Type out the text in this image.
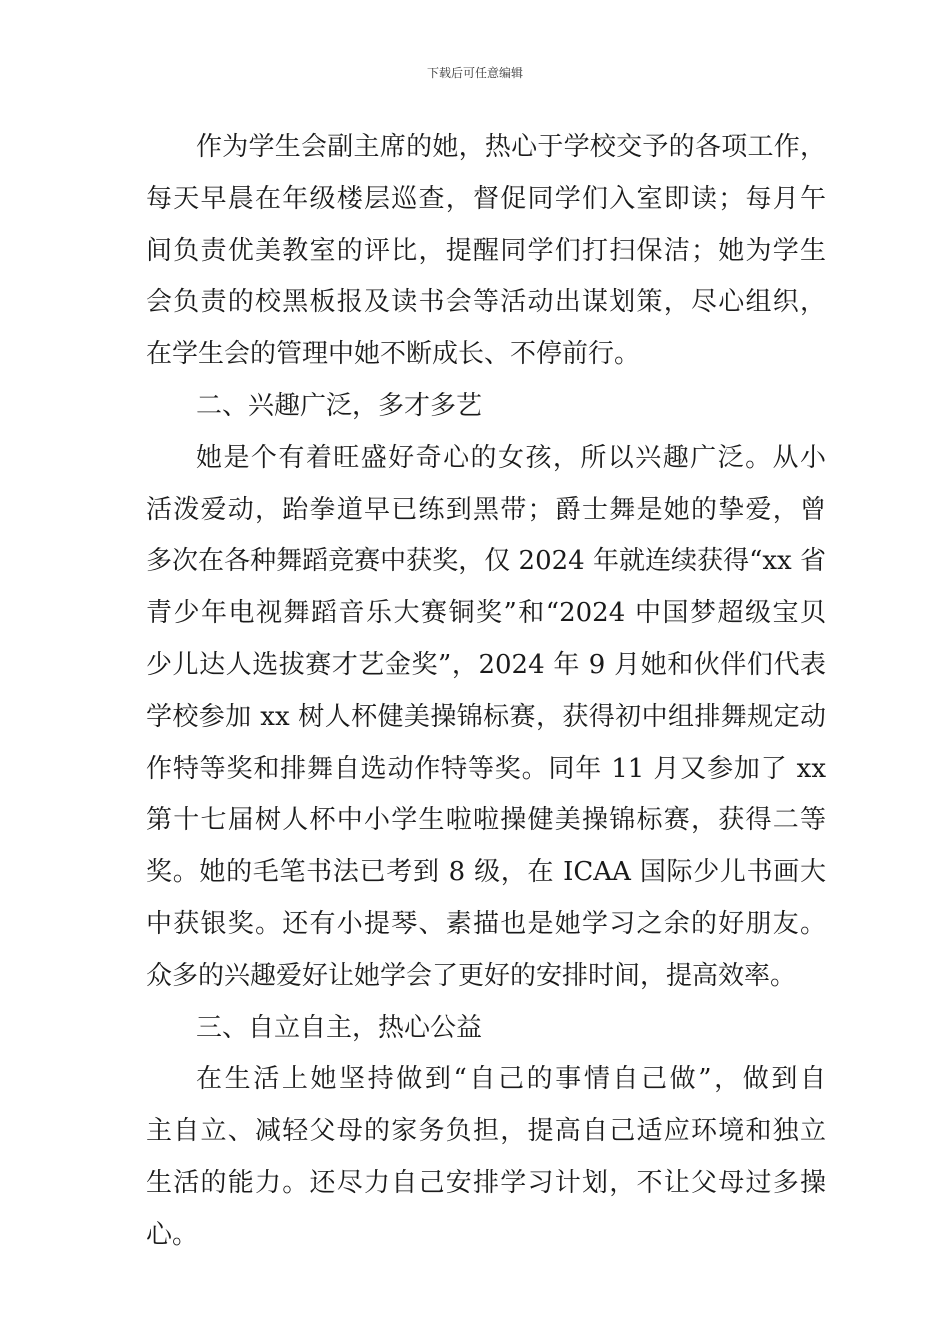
下载后可任意编辑
作为学生会副主席的她，热心于学校交予的各项工作，
每天早晨在年级楼层巡查，督促同学们入室即读；每月午
间负责优美教室的评比，提醒同学们打扫保洁；她为学生
会负责的校黑板报及读书会等活动出谋划策，尽心组织，
在学生会的管理中她不断成长、不停前行。
二、兴趣广泛，多才多艺
她是个有着旺盛好奇心的女孩，所以兴趣广泛。从小
活泼爱动，跆拳道早已练到黑带；爵士舞是她的挚爱，曾
多次在各种舞蹈竞赛中获奖，仅 2024 年就连续获得“xx 省
青少年电视舞蹈音乐大赛铜奖”和“2024 中国梦超级宝贝
少儿达人选拔赛才艺金奖”，2024 年 9 月她和伙伴们代表
学校参加 xx 树人杯健美操锦标赛，获得初中组排舞规定动
作特等奖和排舞自选动作特等奖。同年 11 月又参加了 xx
第十七届树人杯中小学生啦啦操健美操锦标赛，获得二等
奖。她的毛笔书法已考到 8 级，在 ICAA 国际少儿书画大
中获银奖。还有小提琴、素描也是她学习之余的好朋友。
众多的兴趣爱好让她学会了更好的安排时间，提高效率。
三、自立自主，热心公益
在生活上她坚持做到“自己的事情自己做”，做到自
主自立、减轻父母的家务负担，提高自己适应环境和独立
生活的能力。还尽力自己安排学习计划，不让父母过多操
心。
